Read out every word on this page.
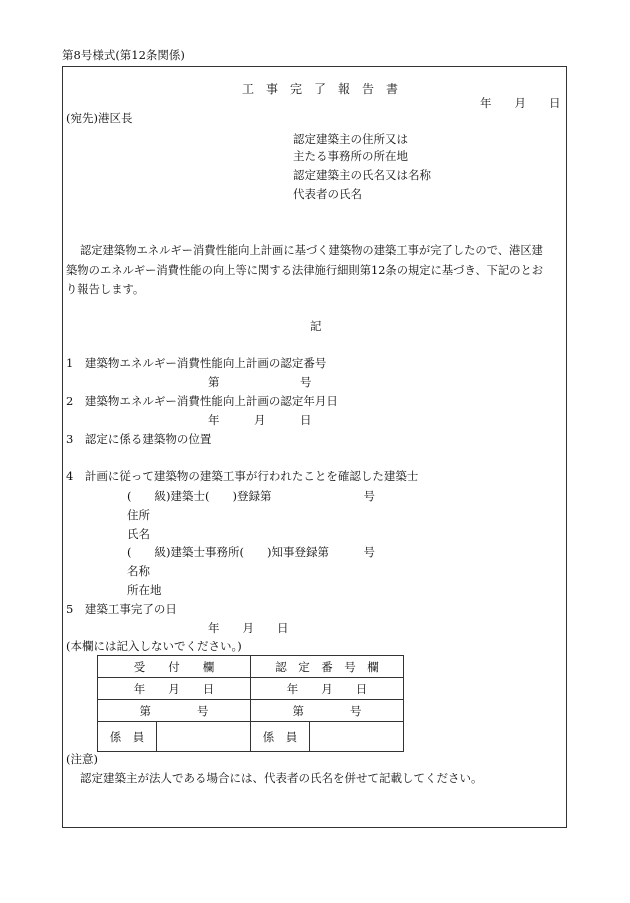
第8号様式(第12条関係)
工　事　完　了　報　告　書
年　　月　　日
(宛先)港区長
認定建築主の住所又は
主たる事務所の所在地
認定建築主の氏名又は名称
代表者の氏名
認定建築物エネルギー消費性能向上計画に基づく建築物の建築工事が完了したので、港区建
築物のエネルギー消費性能の向上等に関する法律施行細則第12条の規定に基づき、下記のとお
り報告します。
記
1　建築物エネルギー消費性能向上計画の認定番号
第　　　　　　　号
2　建築物エネルギー消費性能向上計画の認定年月日
年　　　月　　　日
3　認定に係る建築物の位置
4　計画に従って建築物の建築工事が行われたことを確認した建築士
(　　級)建築士(　　)登録第　　　　　　　　号
住所
氏名
(　　級)建築士事務所(　　)知事登録第　　　号
名称
所在地
5　建築工事完了の日
年　　月　　日
(本欄には記入しないでください。)
受　　付　　欄		認　定　番　号　欄	
年　　月　　日		年　　月　　日	
第　　　　号		第　　　　号	
係　員		係　員	
(注意)
認定建築主が法人である場合には、代表者の氏名を併せて記載してください。
